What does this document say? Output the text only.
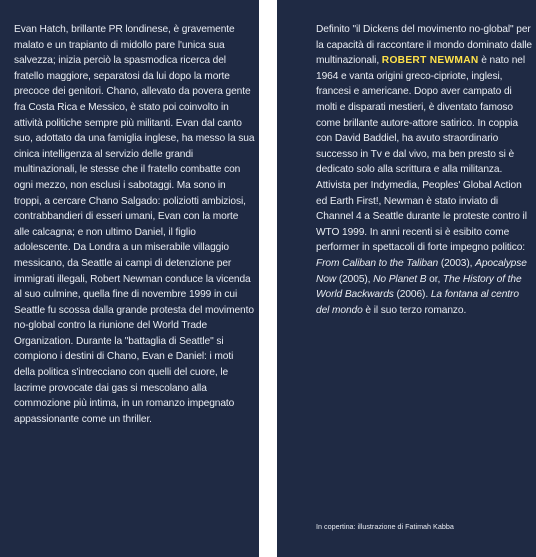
Evan Hatch, brillante PR londinese, è gravemente malato e un trapianto di midollo pare l'unica sua salvezza; inizia perciò la spasmodica ricerca del fratello maggiore, separatosi da lui dopo la morte precoce dei genitori. Chano, allevato da povera gente fra Costa Rica e Messico, è stato poi coinvolto in attività politiche sempre più militanti. Evan dal canto suo, adottato da una famiglia inglese, ha messo la sua cinica intelligenza al servizio delle grandi multinazionali, le stesse che il fratello combatte con ogni mezzo, non esclusi i sabotaggi. Ma sono in troppi, a cercare Chano Salgado: poliziotti ambiziosi, contrabbandieri di esseri umani, Evan con la morte alle calcagna; e non ultimo Daniel, il figlio adolescente. Da Londra a un miserabile villaggio messicano, da Seattle ai campi di detenzione per immigrati illegali, Robert Newman conduce la vicenda al suo culmine, quella fine di novembre 1999 in cui Seattle fu scossa dalla grande protesta del movimento no-global contro la riunione del World Trade Organization. Durante la "battaglia di Seattle" si compiono i destini di Chano, Evan e Daniel: i moti della politica s'intrecciano con quelli del cuore, le lacrime provocate dai gas si mescolano alla commozione più intima, in un romanzo impegnato appassionante come un thriller.

Definito "il Dickens del movimento no-global" per la capacità di raccontare il mondo dominato dalle multinazionali, ROBERT NEWMAN è nato nel 1964 e vanta origini greco-cipriote, inglesi, francesi e americane. Dopo aver campato di molti e disparati mestieri, è diventato famoso come brillante autore-attore satirico. In coppia con David Baddiel, ha avuto straordinario successo in Tv e dal vivo, ma ben presto si è dedicato solo alla scrittura e alla militanza. Attivista per Indymedia, Peoples' Global Action ed Earth First!, Newman è stato inviato di Channel 4 a Seattle durante le proteste contro il WTO 1999. In anni recenti si è esibito come performer in spettacoli di forte impegno politico: From Caliban to the Taliban (2003), Apocalypse Now (2005), No Planet B or, The History of the World Backwards (2006). La fontana al centro del mondo è il suo terzo romanzo.

In copertina: illustrazione di Fatimah Kabba
